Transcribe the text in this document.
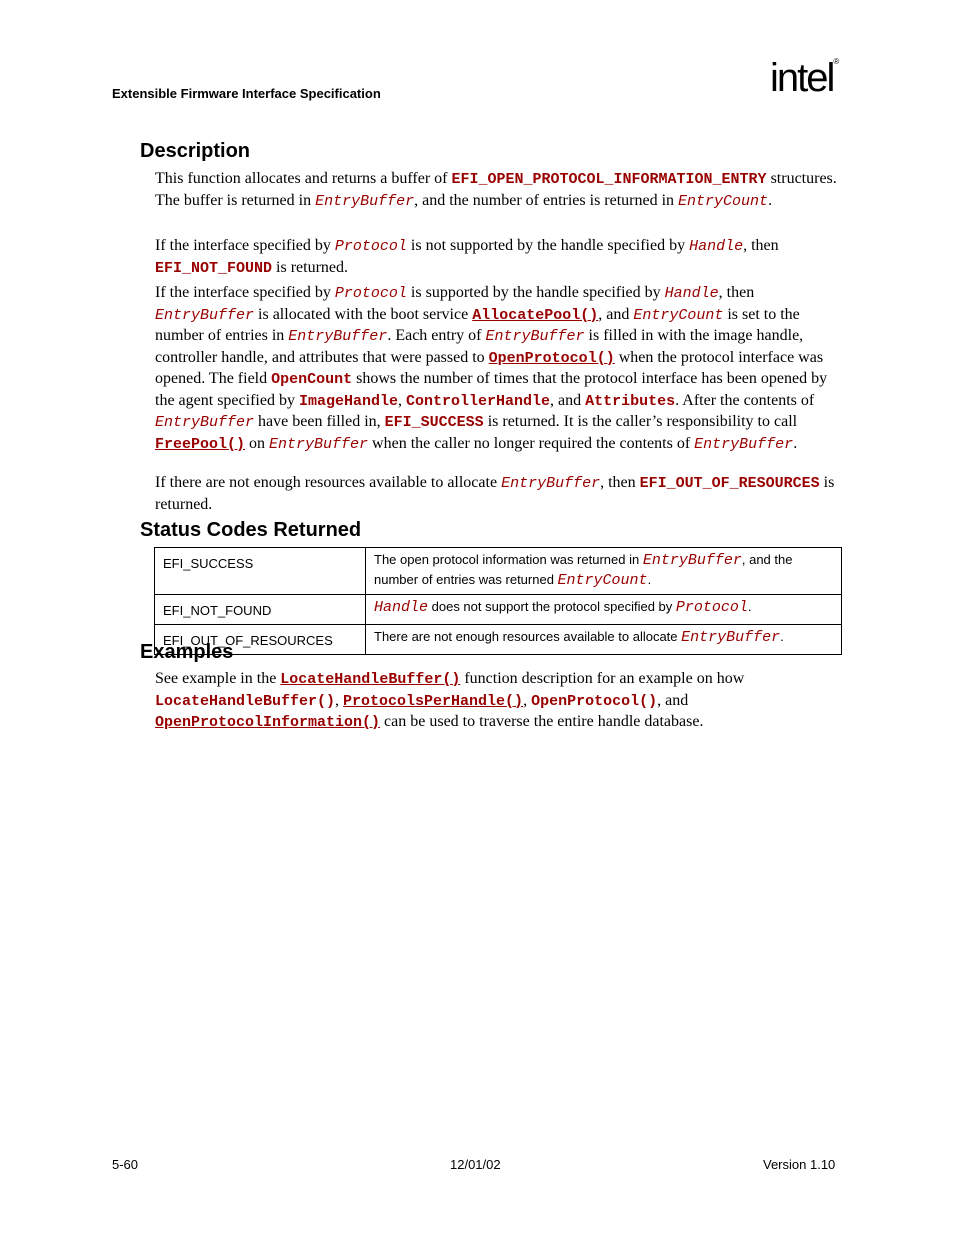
Extensible Firmware Interface Specification	intel®
Description
This function allocates and returns a buffer of EFI_OPEN_PROTOCOL_INFORMATION_ENTRY structures. The buffer is returned in EntryBuffer, and the number of entries is returned in EntryCount.
If the interface specified by Protocol is not supported by the handle specified by Handle, then EFI_NOT_FOUND is returned.
If the interface specified by Protocol is supported by the handle specified by Handle, then EntryBuffer is allocated with the boot service AllocatePool(), and EntryCount is set to the number of entries in EntryBuffer. Each entry of EntryBuffer is filled in with the image handle, controller handle, and attributes that were passed to OpenProtocol() when the protocol interface was opened. The field OpenCount shows the number of times that the protocol interface has been opened by the agent specified by ImageHandle, ControllerHandle, and Attributes. After the contents of EntryBuffer have been filled in, EFI_SUCCESS is returned. It is the caller’s responsibility to call FreePool() on EntryBuffer when the caller no longer required the contents of EntryBuffer.
If there are not enough resources available to allocate EntryBuffer, then EFI_OUT_OF_RESOURCES is returned.
Status Codes Returned
EFI_SUCCESS	The open protocol information was returned in EntryBuffer, and the number of entries was returned EntryCount.
EFI_NOT_FOUND	Handle does not support the protocol specified by Protocol.
EFI_OUT_OF_RESOURCES	There are not enough resources available to allocate EntryBuffer.
Examples
See example in the LocateHandleBuffer() function description for an example on how LocateHandleBuffer(), ProtocolsPerHandle(), OpenProtocol(), and OpenProtocolInformation() can be used to traverse the entire handle database.
5-60	12/01/02	Version 1.10
